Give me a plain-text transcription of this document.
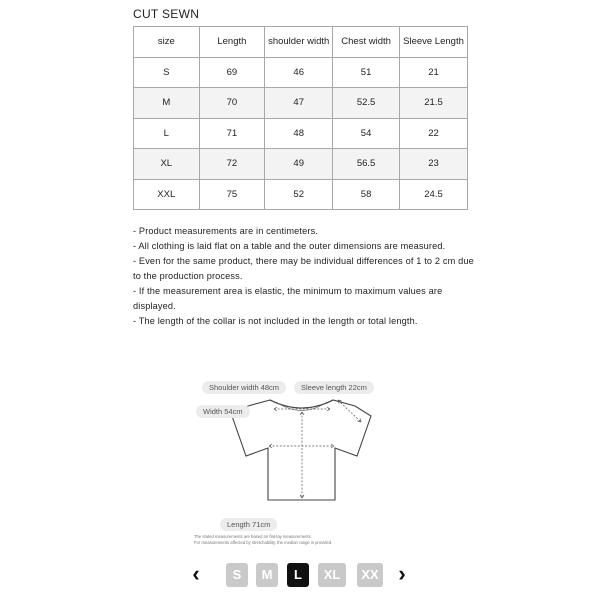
CUT SEWN
size	Length	shoulder width	Chest width	Sleeve Length
S	69	46	51	21
M	70	47	52.5	21.5
L	71	48	54	22
XL	72	49	56.5	23
XXL	75	52	58	24.5

- Product measurements are in centimeters.

- All clothing is laid flat on a table and the outer dimensions are measured.

- Even for the same product, there may be individual differences of 1 to 2 cm due to the production process.

- If the measurement area is elastic, the minimum to maximum values are displayed.

- The length of the collar is not included in the length or total length.

Shoulder width 48cm	Sleeve length 22cm
Width 54cm
Length 71cm
The stated measurements are based on flat-lay measurements.
For measurements affected by stretchability, the median range is provided.
‹	S	M	L	XL	XX ›
